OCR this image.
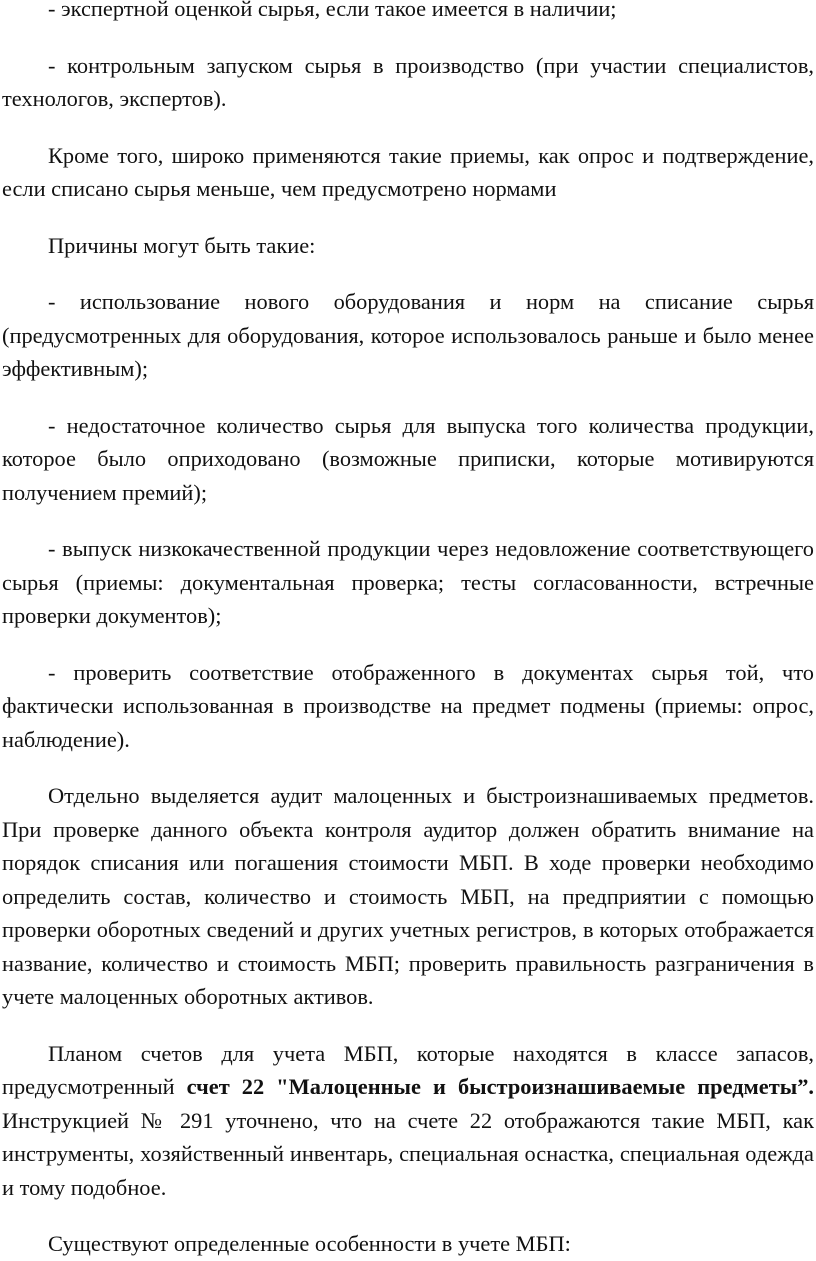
- экспертной оценкой сырья, если такое имеется в наличии;

- контрольным запуском сырья в производство (при участии специалистов, технологов, экспертов).

Кроме того, широко применяются такие приемы, как опрос и подтверждение, если списано сырья меньше, чем предусмотрено нормами

Причины могут быть такие:

- использование нового оборудования и норм на списание сырья (предусмотренных для оборудования, которое использовалось раньше и было менее эффективным);

- недостаточное количество сырья для выпуска того количества продукции, которое было оприходовано (возможные приписки, которые мотивируются получением премий);

- выпуск низкокачественной продукции через недовложение соответствующего сырья (приемы: документальная проверка; тесты согласованности, встречные проверки документов);

- проверить соответствие отображенного в документах сырья той, что фактически использованная в производстве на предмет подмены (приемы: опрос, наблюдение).

Отдельно выделяется аудит малоценных и быстроизнашиваемых предметов. При проверке данного объекта контроля аудитор должен обратить внимание на порядок списания или погашения стоимости МБП. В ходе проверки необходимо определить состав, количество и стоимость МБП, на предприятии с помощью проверки оборотных сведений и других учетных регистров, в которых отображается название, количество и стоимость МБП; проверить правильность разграничения в учете малоценных оборотных активов.

Планом счетов для учета МБП, которые находятся в классе запасов, предусмотренный счет 22 "Малоценные и быстроизнашиваемые предметы”. Инструкцией № 291 уточнено, что на счете 22 отображаются такие МБП, как инструменты, хозяйственный инвентарь, специальная оснастка, специальная одежда и тому подобное.

Существуют определенные особенности в учете МБП:
